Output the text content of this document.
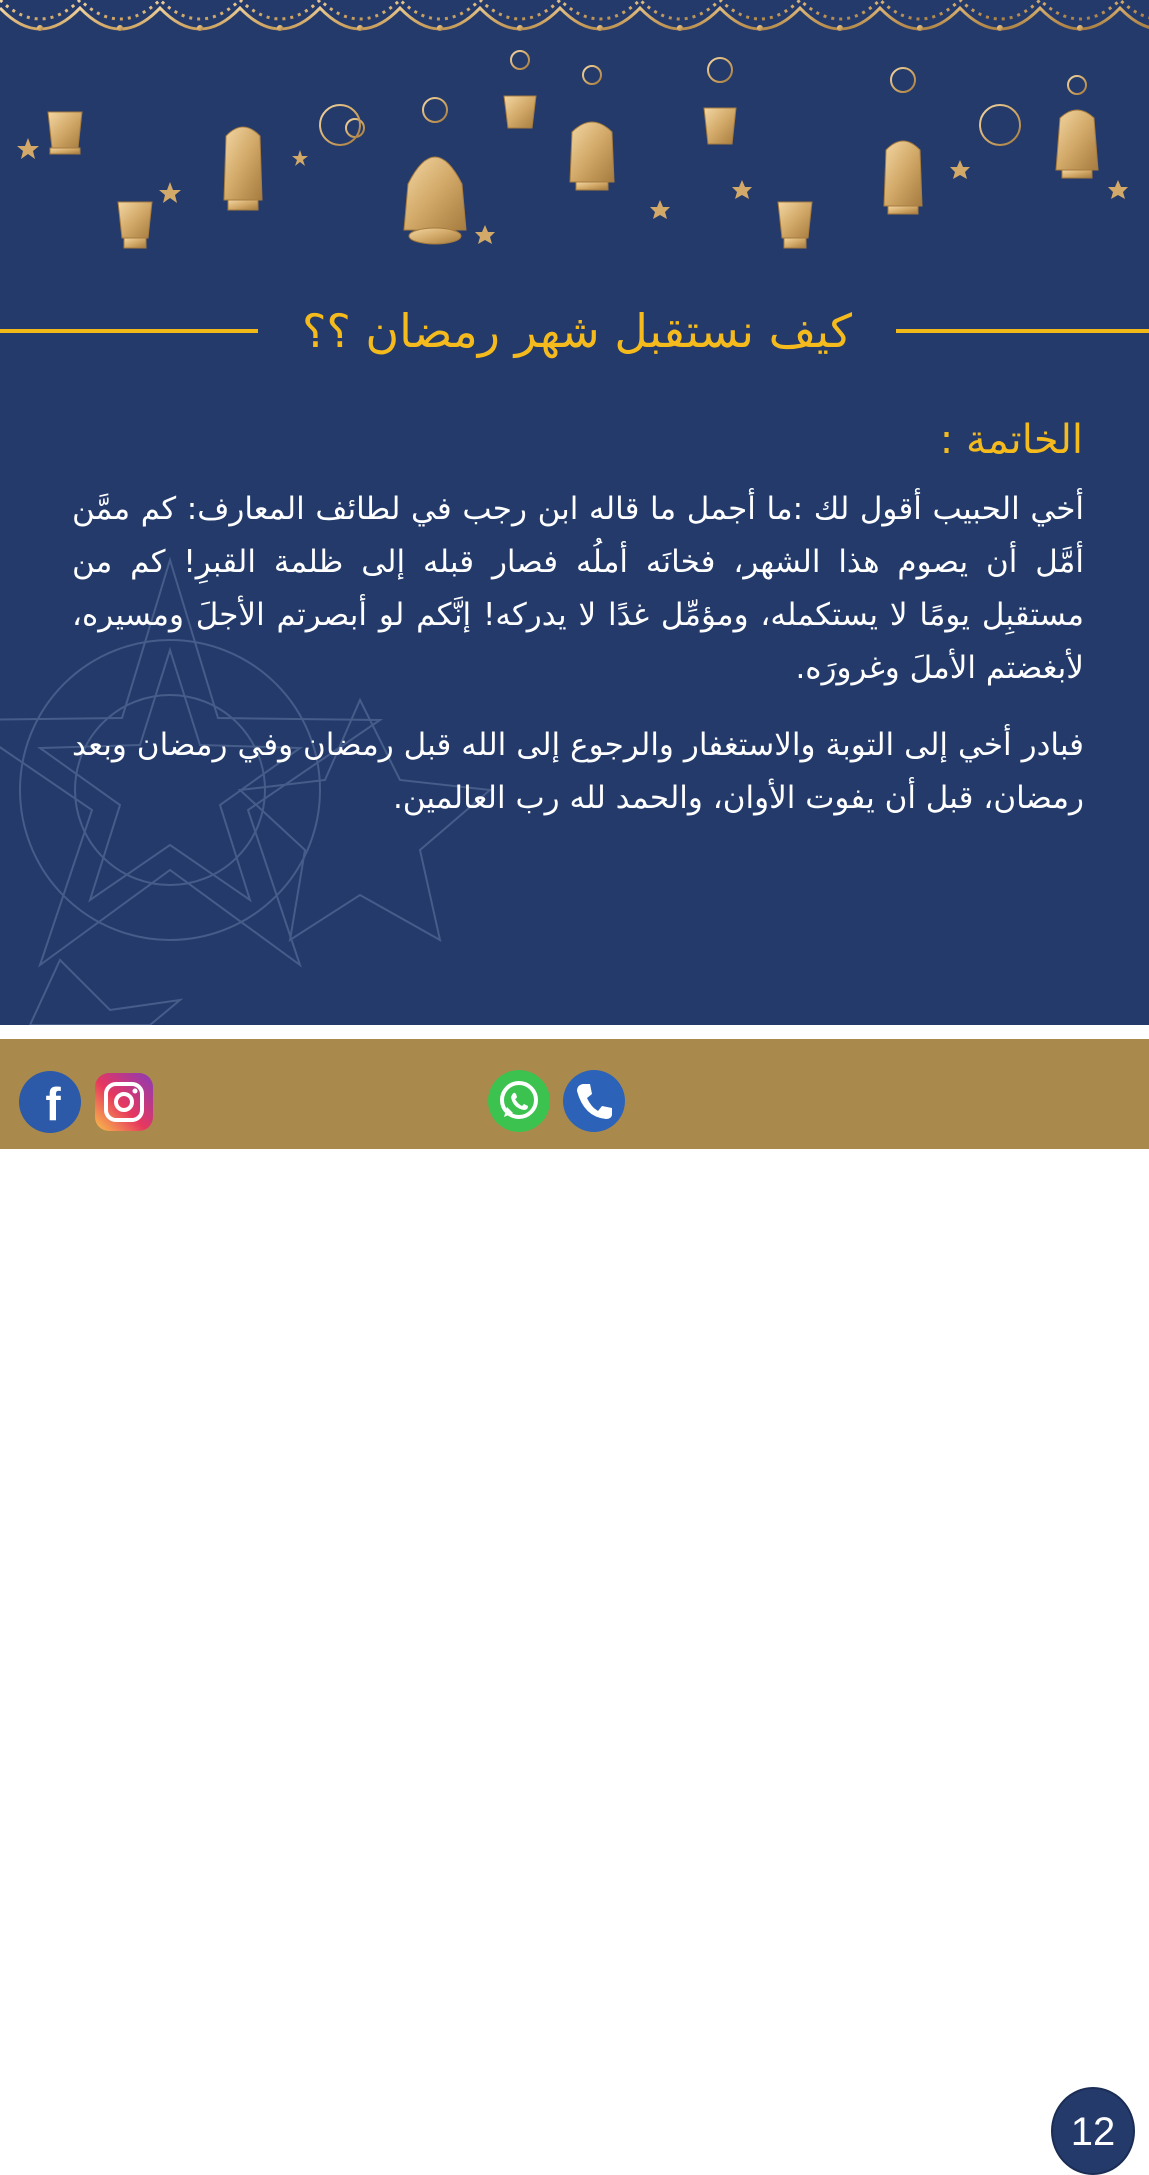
كيف نستقبل شهر رمضان ؟؟
الخاتمة :
أخي الحبيب أقول لك :ما أجمل ما قاله ابن رجب في لطائف المعارف: كم ممَّن أمَّل أن يصوم هذا الشهر، فخانَه أملُه فصار قبله إلى ظلمة القبرِ! كم من مستقبِل يومًا لا يستكمله، ومؤمِّل غدًا لا يدركه! إنَّكم لو أبصرتم الأجلَ ومسيره، لأبغضتم الأملَ وغرورَه.
فبادر أخي إلى التوبة والاستغفار والرجوع إلى الله قبل رمضان وفي رمضان وبعد رمضان، قبل أن يفوت الأوان، والحمد لله رب العالمين.
f
12
